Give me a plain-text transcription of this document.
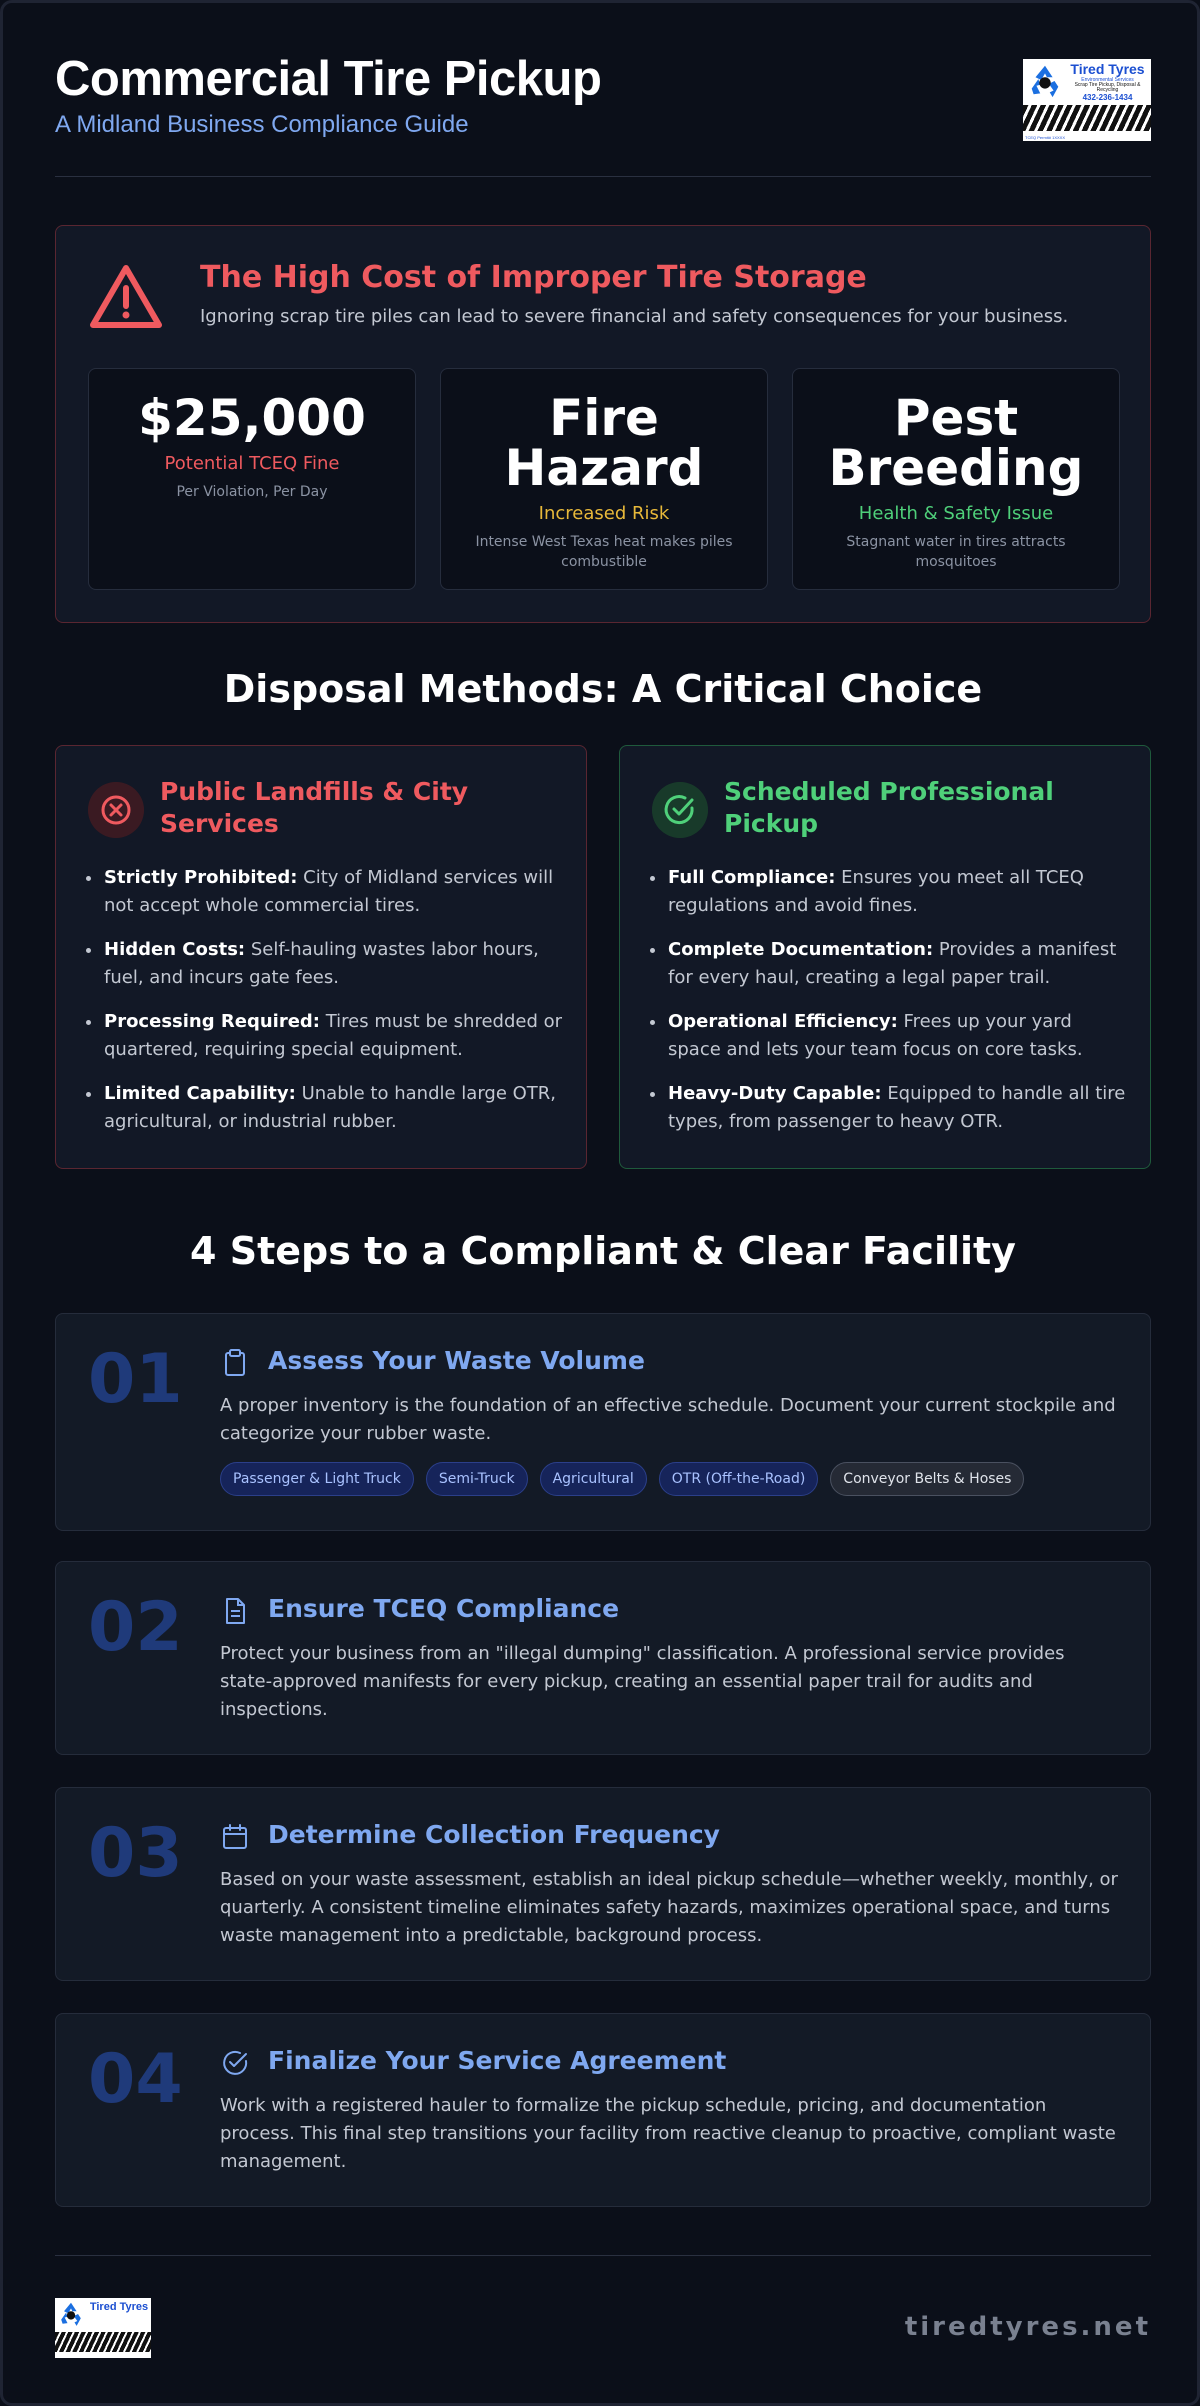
Commercial Tire Pickup
A Midland Business Compliance Guide
Tired Tyres
Environmental Services
Scrap Tire Pickup, Disposal & Recycling
432-236-1434
TCEQ Permit# 1XXXX
The High Cost of Improper Tire Storage
Ignoring scrap tire piles can lead to severe financial and safety consequences for your business.
$25,000
Potential TCEQ Fine
Per Violation, Per Day
Fire Hazard
Increased Risk
Intense West Texas heat makes piles combustible
Pest Breeding
Health & Safety Issue
Stagnant water in tires attracts mosquitoes
Disposal Methods: A Critical Choice
Public Landfills & City Services
Strictly Prohibited: City of Midland services will not accept whole commercial tires.
Hidden Costs: Self-hauling wastes labor hours, fuel, and incurs gate fees.
Processing Required: Tires must be shredded or quartered, requiring special equipment.
Limited Capability: Unable to handle large OTR, agricultural, or industrial rubber.
Scheduled Professional Pickup
Full Compliance: Ensures you meet all TCEQ regulations and avoid fines.
Complete Documentation: Provides a manifest for every haul, creating a legal paper trail.
Operational Efficiency: Frees up your yard space and lets your team focus on core tasks.
Heavy-Duty Capable: Equipped to handle all tire types, from passenger to heavy OTR.
4 Steps to a Compliant & Clear Facility
01	Assess Your Waste Volume

A proper inventory is the foundation of an effective schedule. Document your current stockpile and categorize your rubber waste.

Passenger & Light Truck	Semi-Truck	Agricultural	OTR (Off-the-Road)	Conveyor Belts & Hoses
02	Ensure TCEQ Compliance

Protect your business from an "illegal dumping" classification. A professional service provides state-approved manifests for every pickup, creating an essential paper trail for audits and inspections.

03	Determine Collection Frequency

Based on your waste assessment, establish an ideal pickup schedule—whether weekly, monthly, or quarterly. A consistent timeline eliminates safety hazards, maximizes operational space, and turns waste management into a predictable, background process.

04	Finalize Your Service Agreement

Work with a registered hauler to formalize the pickup schedule, pricing, and documentation process. This final step transitions your facility from reactive cleanup to proactive, compliant waste management.

Tired Tyres
tiredtyres.net
